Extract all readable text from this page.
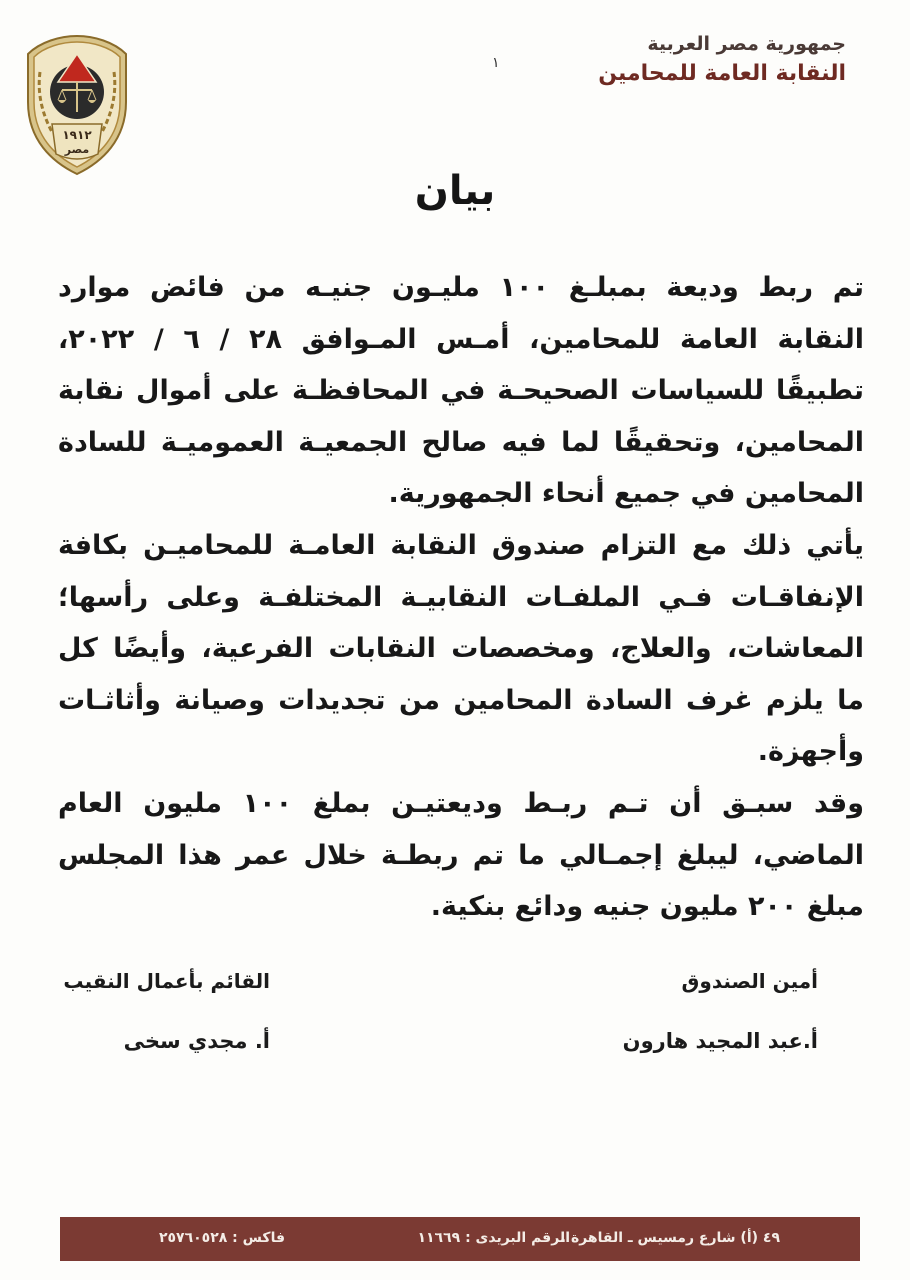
١٩١٢
مصر
جمهورية مصر العربية
النقابة العامة للمحامين
١
بيان

تم ربط وديعة بمبلـغ ١٠٠ مليـون جنيـه من فائض موارد النقابة العامة للمحامين، أمـس المـوافق ٢٨ / ٦ / ٢٠٢٢، تطبيقًا للسياسات الصحيحـة في المحافظـة على أموال نقابة المحامين، وتحقيقًا لما فيه صالح الجمعيـة العموميـة للسادة المحامين في جميع أنحاء الجمهورية.

يأتي ذلك مع التزام صندوق النقابة العامـة للمحاميـن بكافة الإنفاقـات فـي الملفـات النقابيـة المختلفـة وعلى رأسها؛ المعاشات، والعلاج، ومخصصات النقابات الفرعية، وأيضًا كل ما يلزم غرف السادة المحامين من تجديدات وصيانة وأثاثـات وأجهزة.

وقد سبـق أن تـم ربـط وديعتيـن بملغ ١٠٠ مليون العام الماضي، ليبلغ إجمـالي ما تم ربطـة خلال عمر هذا المجلس مبلغ ٢٠٠ مليون جنيه ودائع بنكية.

أمين الصندوق
أ.عبد المجيد هارون
القائم بأعمال النقيب
أ. مجدي سخى
٤٩ (أ) شارع رمسيس ـ القاهرة .
الرقم البريدى : ١١٦٦٩
فاكس : ٢٥٧٦٠٥٢٨
